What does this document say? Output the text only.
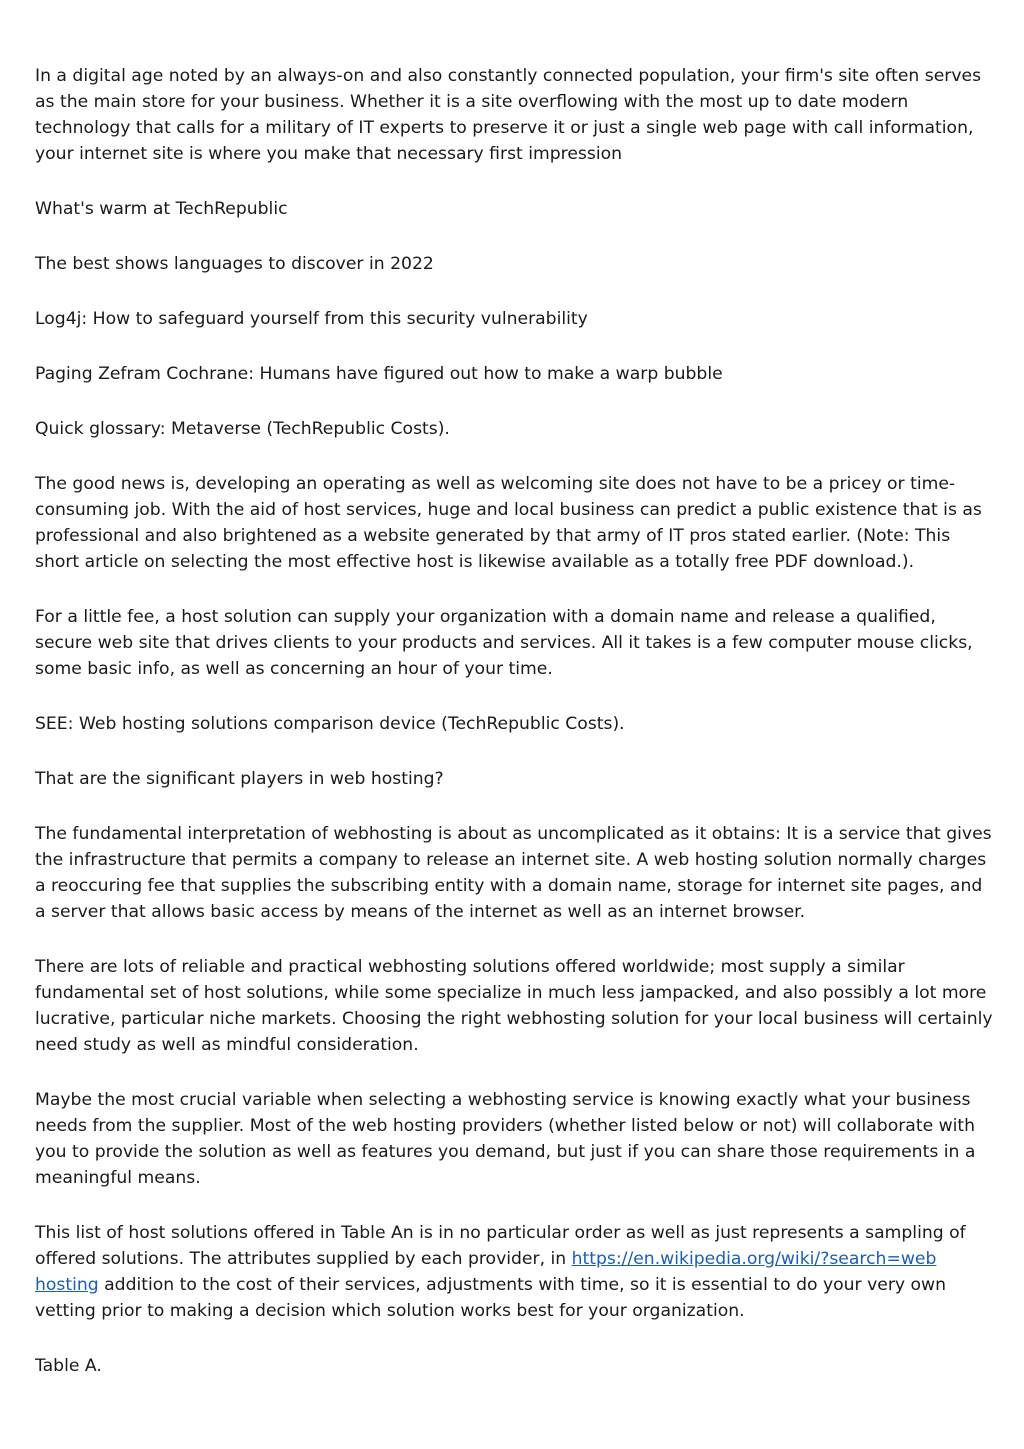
In a digital age noted by an always-on and also constantly connected population, your firm's site often serves as the main store for your business. Whether it is a site overflowing with the most up to date modern technology that calls for a military of IT experts to preserve it or just a single web page with call information, your internet site is where you make that necessary first impression

What's warm at TechRepublic

The best shows languages to discover in 2022

Log4j: How to safeguard yourself from this security vulnerability

Paging Zefram Cochrane: Humans have figured out how to make a warp bubble

Quick glossary: Metaverse (TechRepublic Costs).

The good news is, developing an operating as well as welcoming site does not have to be a pricey or time-consuming job. With the aid of host services, huge and local business can predict a public existence that is as professional and also brightened as a website generated by that army of IT pros stated earlier. (Note: This short article on selecting the most effective host is likewise available as a totally free PDF download.).

For a little fee, a host solution can supply your organization with a domain name and release a qualified, secure web site that drives clients to your products and services. All it takes is a few computer mouse clicks, some basic info, as well as concerning an hour of your time.

SEE: Web hosting solutions comparison device (TechRepublic Costs).

That are the significant players in web hosting?

The fundamental interpretation of webhosting is about as uncomplicated as it obtains: It is a service that gives the infrastructure that permits a company to release an internet site. A web hosting solution normally charges a reoccuring fee that supplies the subscribing entity with a domain name, storage for internet site pages, and a server that allows basic access by means of the internet as well as an internet browser.

There are lots of reliable and practical webhosting solutions offered worldwide; most supply a similar fundamental set of host solutions, while some specialize in much less jampacked, and also possibly a lot more lucrative, particular niche markets. Choosing the right webhosting solution for your local business will certainly need study as well as mindful consideration.

Maybe the most crucial variable when selecting a webhosting service is knowing exactly what your business needs from the supplier. Most of the web hosting providers (whether listed below or not) will collaborate with you to provide the solution as well as features you demand, but just if you can share those requirements in a meaningful means.

This list of host solutions offered in Table An is in no particular order as well as just represents a sampling of offered solutions. The attributes supplied by each provider, in https://en.wikipedia.org/wiki/?search=web hosting addition to the cost of their services, adjustments with time, so it is essential to do your very own vetting prior to making a decision which solution works best for your organization.

Table A.
